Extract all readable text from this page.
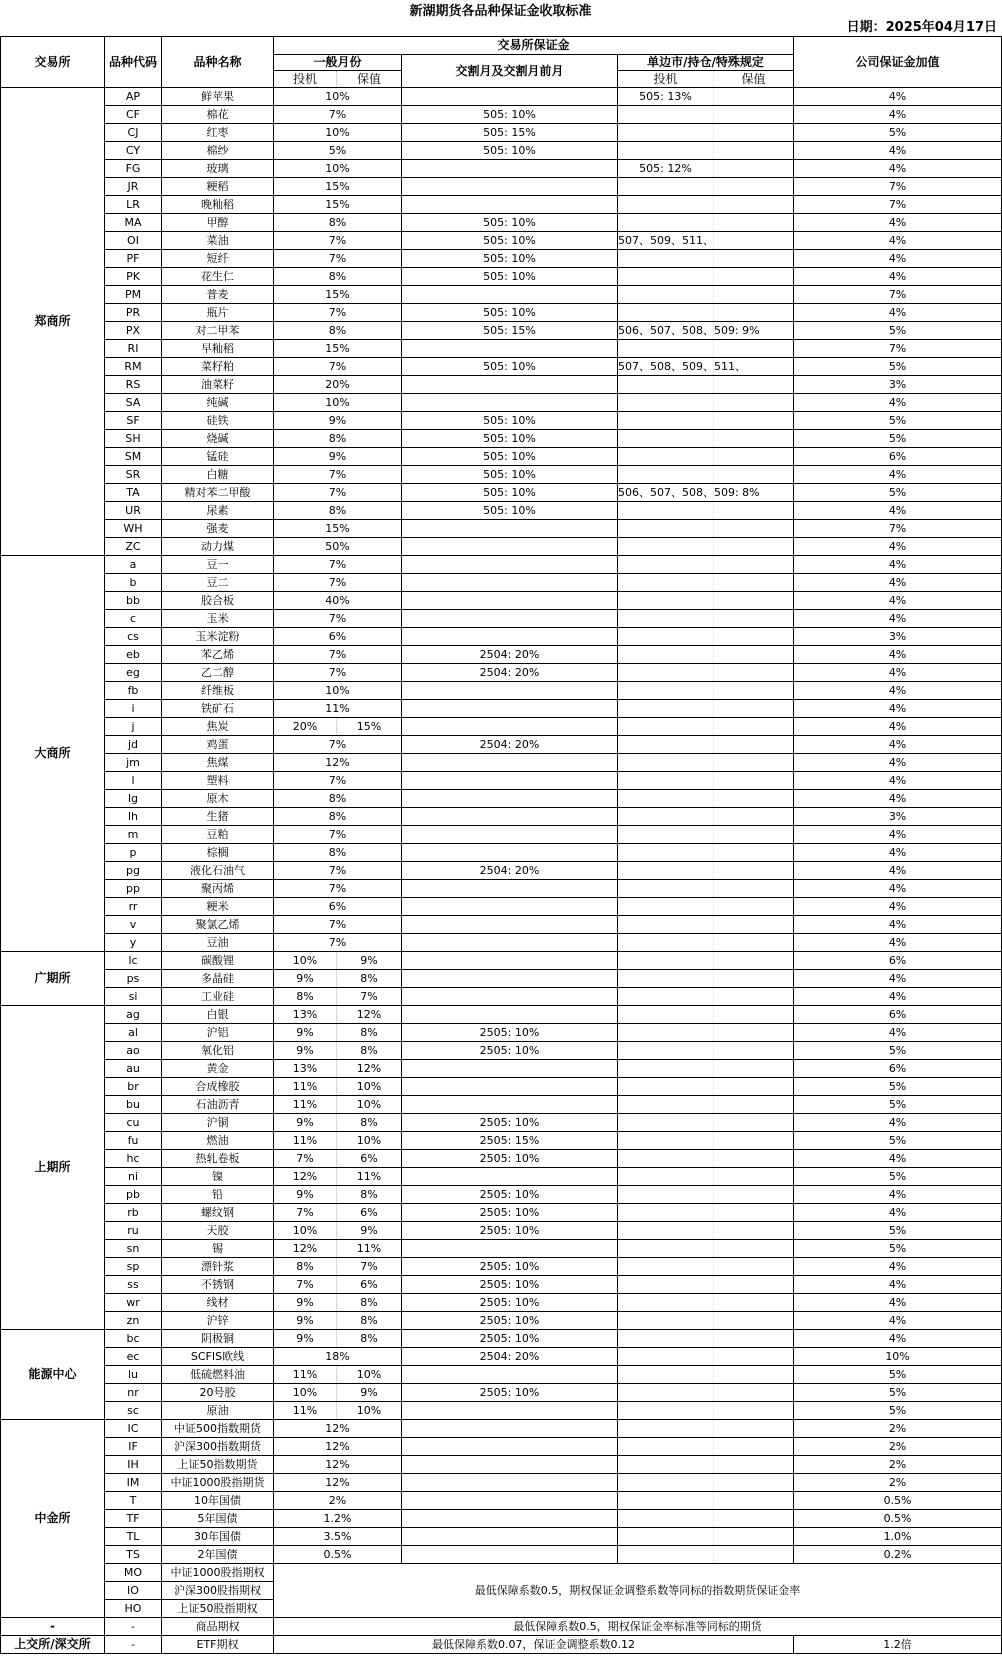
新湖期货各品种保证金收取标准
日期：2025年04月17日
交易所	品种代码	品种名称	交易所保证金					公司保证金加值
			一般月份		交割月及交割月前月	单边市/持仓/特殊规定		
			投机	保值		投机	保值	
郑商所	AP	鲜苹果	10%			505: 13%		4%
	CF	棉花	7%		505: 10%			4%
	CJ	红枣	10%		505: 15%			5%
	CY	棉纱	5%		505: 10%			4%
	FG	玻璃	10%			505: 12%		4%
	JR	粳稻	15%					7%
	LR	晚籼稻	15%					7%
	MA	甲醇	8%		505: 10%			4%
	OI	菜油	7%		505: 10%	507、509、511、		4%
	PF	短纤	7%		505: 10%			4%
	PK	花生仁	8%		505: 10%			4%
	PM	普麦	15%					7%
	PR	瓶片	7%		505: 10%			4%
	PX	对二甲苯	8%		505: 15%	506、507、508、509: 9%		5%
	RI	早籼稻	15%					7%
	RM	菜籽粕	7%		505: 10%	507、508、509、511、		5%
	RS	油菜籽	20%					3%
	SA	纯碱	10%					4%
	SF	硅铁	9%		505: 10%			5%
	SH	烧碱	8%		505: 10%			5%
	SM	锰硅	9%		505: 10%			6%
	SR	白糖	7%		505: 10%			4%
	TA	精对苯二甲酸	7%		505: 10%	506、507、508、509: 8%		5%
	UR	尿素	8%		505: 10%			4%
	WH	强麦	15%					7%
	ZC	动力煤	50%					4%
大商所	a	豆一	7%					4%
	b	豆二	7%					4%
	bb	胶合板	40%					4%
	c	玉米	7%					4%
	cs	玉米淀粉	6%					3%
	eb	苯乙烯	7%		2504: 20%			4%
	eg	乙二醇	7%		2504: 20%			4%
	fb	纤维板	10%					4%
	i	铁矿石	11%					4%
	j	焦炭	20%	15%				4%
	jd	鸡蛋	7%		2504: 20%			4%
	jm	焦煤	12%					4%
	l	塑料	7%					4%
	lg	原木	8%					4%
	lh	生猪	8%					3%
	m	豆粕	7%					4%
	p	棕榈	8%					4%
	pg	液化石油气	7%		2504: 20%			4%
	pp	聚丙烯	7%					4%
	rr	粳米	6%					4%
	v	聚氯乙烯	7%					4%
	y	豆油	7%					4%
广期所	lc	碳酸锂	10%	9%				6%
	ps	多晶硅	9%	8%				4%
	si	工业硅	8%	7%				4%
上期所	ag	白银	13%	12%				6%
	al	沪铝	9%	8%	2505: 10%			4%
	ao	氧化铝	9%	8%	2505: 10%			5%
	au	黄金	13%	12%				6%
	br	合成橡胶	11%	10%				5%
	bu	石油沥青	11%	10%				5%
	cu	沪铜	9%	8%	2505: 10%			4%
	fu	燃油	11%	10%	2505: 15%			5%
	hc	热轧卷板	7%	6%	2505: 10%			4%
	ni	镍	12%	11%				5%
	pb	铅	9%	8%	2505: 10%			4%
	rb	螺纹钢	7%	6%	2505: 10%			4%
	ru	天胶	10%	9%	2505: 10%			5%
	sn	锡	12%	11%				5%
	sp	漂针浆	8%	7%	2505: 10%			4%
	ss	不锈钢	7%	6%	2505: 10%			4%
	wr	线材	9%	8%	2505: 10%			4%
	zn	沪锌	9%	8%	2505: 10%			4%
能源中心	bc	阴极铜	9%	8%	2505: 10%			4%
	ec	SCFIS欧线	18%		2504: 20%			10%
	lu	低硫燃料油	11%	10%				5%
	nr	20号胶	10%	9%	2505: 10%			5%
	sc	原油	11%	10%				5%
中金所	IC	中证500指数期货	12%					2%
	IF	沪深300指数期货	12%					2%
	IH	上证50指数期货	12%					2%
	IM	中证1000股指期货	12%					2%
	T	10年国债	2%					0.5%
	TF	5年国债	1.2%					0.5%
	TL	30年国债	3.5%					1.0%
	TS	2年国债	0.5%					0.2%
	MO	中证1000股指期权	最低保障系数0.5，期权保证金调整系数等同标的指数期货保证金率					
	IO	沪深300股指期权						
	HO	上证50股指期权						
-	-	商品期权	最低保障系数0.5，期权保证金率标准等同标的期货					
上交所/深交所	-	ETF期权	最低保障系数0.07，保证金调整系数0.12					1.2倍
